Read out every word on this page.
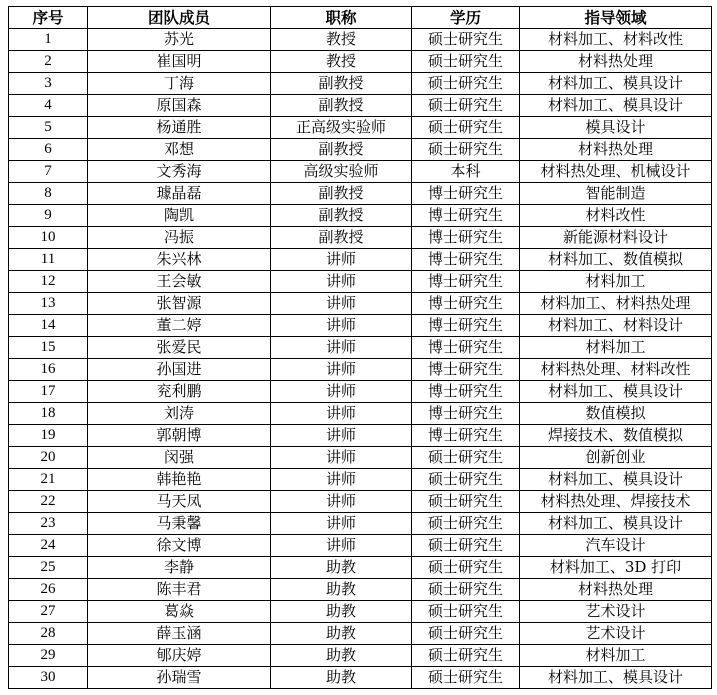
序号	团队成员	职称	学历	指导领域
1	苏光	教授	硕士研究生	材料加工、材料改性
2	崔国明	教授	硕士研究生	材料热处理
3	丁海	副教授	硕士研究生	材料加工、模具设计
4	原国森	副教授	硕士研究生	材料加工、模具设计
5	杨通胜	正高级实验师	硕士研究生	模具设计
6	邓想	副教授	硕士研究生	材料热处理
7	文秀海	高级实验师	本科	材料热处理、机械设计
8	璩晶磊	副教授	博士研究生	智能制造
9	陶凯	副教授	博士研究生	材料改性
10	冯振	副教授	博士研究生	新能源材料设计
11	朱兴林	讲师	博士研究生	材料加工、数值模拟
12	王会敏	讲师	博士研究生	材料加工
13	张智源	讲师	博士研究生	材料加工、材料热处理
14	董二婷	讲师	博士研究生	材料加工、材料设计
15	张爱民	讲师	博士研究生	材料加工
16	孙国进	讲师	博士研究生	材料热处理、材料改性
17	兖利鹏	讲师	博士研究生	材料加工、模具设计
18	刘涛	讲师	博士研究生	数值模拟
19	郭朝博	讲师	博士研究生	焊接技术、数值模拟
20	闵强	讲师	硕士研究生	创新创业
21	韩艳艳	讲师	硕士研究生	材料加工、模具设计
22	马天凤	讲师	硕士研究生	材料热处理、焊接技术
23	马秉馨	讲师	硕士研究生	材料加工、模具设计
24	徐文博	讲师	硕士研究生	汽车设计
25	李静	助教	硕士研究生	材料加工、3D 打印
26	陈丰君	助教	硕士研究生	材料热处理
27	葛焱	助教	硕士研究生	艺术设计
28	薛玉涵	助教	硕士研究生	艺术设计
29	郇庆婷	助教	硕士研究生	材料加工
30	孙瑞雪	助教	硕士研究生	材料加工、模具设计
